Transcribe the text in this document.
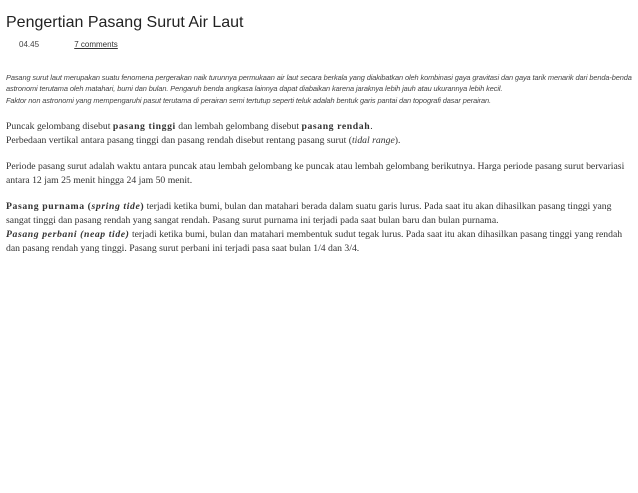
Pengertian Pasang Surut Air Laut
04.45	7 comments

Pasang surut laut merupakan suatu fenomena pergerakan naik turunnya permukaan air laut secara berkala yang diakibatkan oleh kombinasi gaya gravitasi dan gaya tarik menarik dari benda-benda astronomi terutama oleh matahari, bumi dan bulan. Pengaruh benda angkasa lainnya dapat diabaikan karena jaraknya lebih jauh atau ukurannya lebih kecil.

Faktor non astronomi yang mempengaruhi pasut terutama di perairan semi tertutup seperti teluk adalah bentuk garis pantai dan topografi dasar perairan.

Puncak gelombang disebut pasang tinggi dan lembah gelombang disebut pasang rendah.

Perbedaan vertikal antara pasang tinggi dan pasang rendah disebut rentang pasang surut (tidal range).

Periode pasang surut adalah waktu antara puncak atau lembah gelombang ke puncak atau lembah gelombang berikutnya. Harga periode pasang surut bervariasi antara 12 jam 25 menit hingga 24 jam 50 menit.

Pasang purnama (spring tide) terjadi ketika bumi, bulan dan matahari berada dalam suatu garis lurus. Pada saat itu akan dihasilkan pasang tinggi yang sangat tinggi dan pasang rendah yang sangat rendah. Pasang surut purnama ini terjadi pada saat bulan baru dan bulan purnama.

Pasang perbani (neap tide) terjadi ketika bumi, bulan dan matahari membentuk sudut tegak lurus. Pada saat itu akan dihasilkan pasang tinggi yang rendah dan pasang rendah yang tinggi. Pasang surut perbani ini terjadi pasa saat bulan 1/4 dan 3/4.
